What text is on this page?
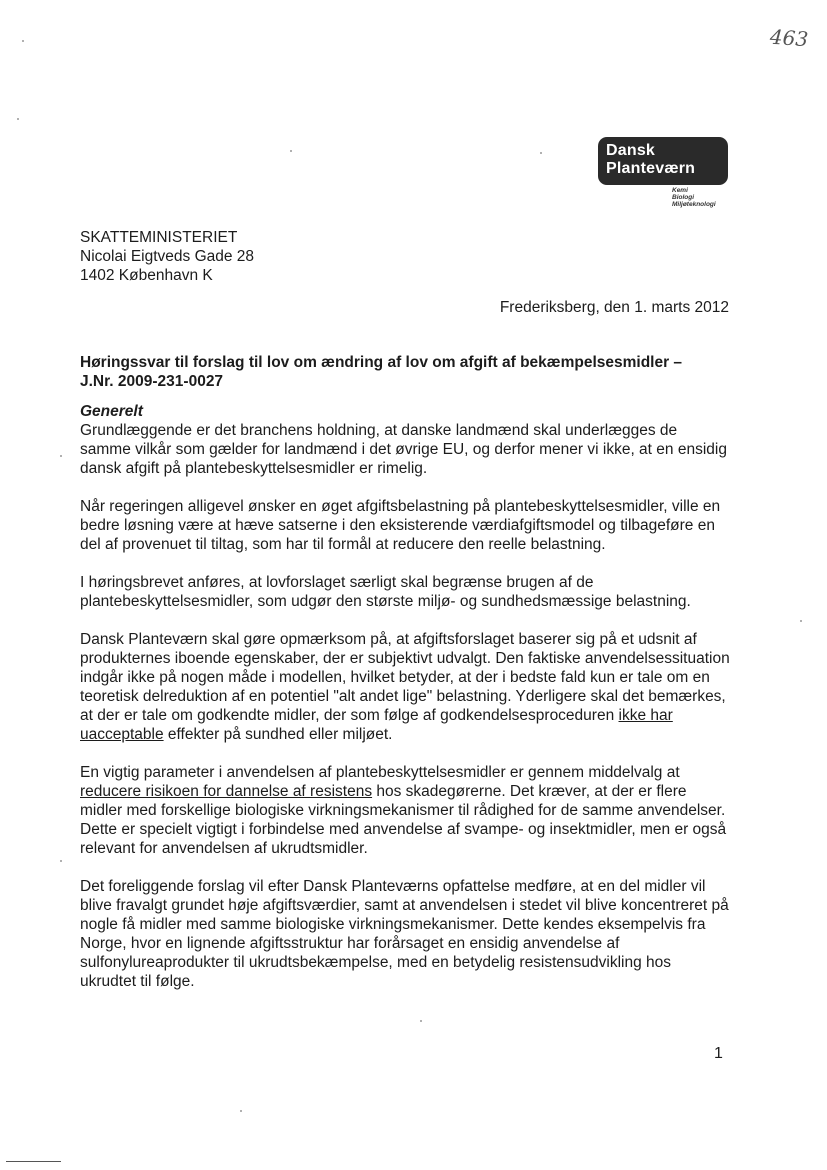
463
Dansk
Planteværn
Kemi
Biologi
Miljøteknologi
SKATTEMINISTERIET
Nicolai Eigtveds Gade 28
1402 København K
Frederiksberg, den 1. marts 2012
Høringssvar til forslag til lov om ændring af lov om afgift af bekæmpelsesmidler –
J.Nr. 2009-231-0027
Generelt

Grundlæggende er det branchens holdning, at danske landmænd skal underlægges de samme vilkår som gælder for landmænd i det øvrige EU, og derfor mener vi ikke, at en ensidig dansk afgift på plantebeskyttelsesmidler er rimelig.

Når regeringen alligevel ønsker en øget afgiftsbelastning på plantebeskyttelsesmidler, ville en bedre løsning være at hæve satserne i den eksisterende værdiafgiftsmodel og tilbageføre en del af provenuet til tiltag, som har til formål at reducere den reelle belastning.

I høringsbrevet anføres, at lovforslaget særligt skal begrænse brugen af de plantebeskyttelsesmidler, som udgør den største miljø- og sundhedsmæssige belastning.

Dansk Planteværn skal gøre opmærksom på, at afgiftsforslaget baserer sig på et udsnit af produkternes iboende egenskaber, der er subjektivt udvalgt. Den faktiske anvendelsessituation indgår ikke på nogen måde i modellen, hvilket betyder, at der i bedste fald kun er tale om en teoretisk delreduktion af en potentiel "alt andet lige" belastning. Yderligere skal det bemærkes, at der er tale om godkendte midler, der som følge af godkendelsesproceduren ikke har uacceptable effekter på sundhed eller miljøet.

En vigtig parameter i anvendelsen af plantebeskyttelsesmidler er gennem middelvalg at reducere risikoen for dannelse af resistens hos skadegørerne. Det kræver, at der er flere midler med forskellige biologiske virkningsmekanismer til rådighed for de samme anvendelser. Dette er specielt vigtigt i forbindelse med anvendelse af svampe- og insektmidler, men er også relevant for anvendelsen af ukrudtsmidler.

Det foreliggende forslag vil efter Dansk Planteværns opfattelse medføre, at en del midler vil blive fravalgt grundet høje afgiftsværdier, samt at anvendelsen i stedet vil blive koncentreret på nogle få midler med samme biologiske virkningsmekanismer. Dette kendes eksempelvis fra Norge, hvor en lignende afgiftsstruktur har forårsaget en ensidig anvendelse af sulfonylureaprodukter til ukrudtsbekæmpelse, med en betydelig resistensudvikling hos ukrudtet til følge.

1
